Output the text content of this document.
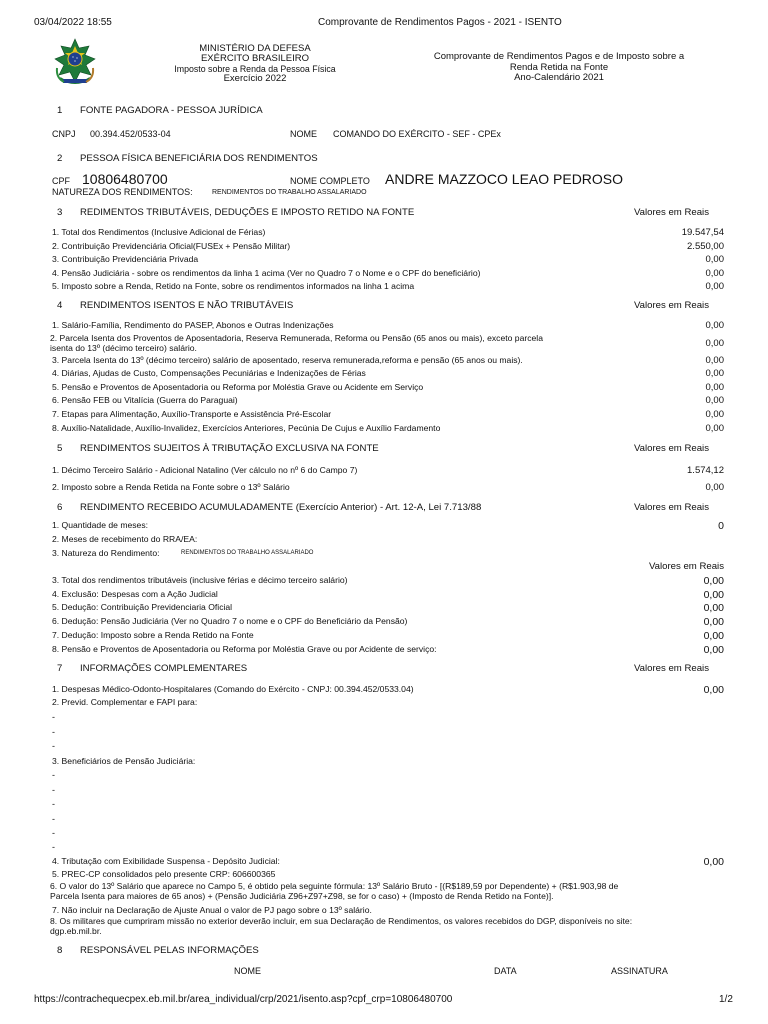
03/04/2022 18:55	Comprovante de Rendimentos Pagos - 2021 - ISENTO
MINISTÉRIO DA DEFESA
EXÉRCITO BRASILEIRO
Imposto sobre a Renda da Pessoa Física
Exercício 2022
Comprovante de Rendimentos Pagos e de Imposto sobre a
Renda Retida na Fonte
Ano-Calendário 2021
1 FONTE PAGADORA - PESSOA JURÍDICA
CNPJ 00.394.452/0533-04	NOME COMANDO DO EXÉRCITO - SEF - CPEx
2 PESSOA FÍSICA BENEFICIÁRIA DOS RENDIMENTOS
CPF 10806480700	NOME COMPLETO ANDRE MAZZOCO LEAO PEDROSO
NATUREZA DOS RENDIMENTOS:	RENDIMENTOS DO TRABALHO ASSALARIADO
3 REDIMENTOS TRIBUTÁVEIS, DEDUÇÕES E IMPOSTO RETIDO NA FONTE	Valores em Reais
1. Total dos Rendimentos (Inclusive Adicional de Férias)	19.547,54
2. Contribuição Previdenciária Oficial(FUSEx + Pensão Militar)	2.550,00
3. Contribuição Previdenciária Privada	0,00
4. Pensão Judiciária - sobre os rendimentos da linha 1 acima (Ver no Quadro 7 o Nome e o CPF do beneficiário)	0,00
5. Imposto sobre a Renda, Retido na Fonte, sobre os rendimentos informados na linha 1 acima	0,00
4 RENDIMENTOS ISENTOS E NÃO TRIBUTÁVEIS	Valores em Reais
1. Salário-Família, Rendimento do PASEP, Abonos e Outras Indenizações	0,00
2. Parcela Isenta dos Proventos de Aposentadoria, Reserva Remunerada, Reforma ou Pensão (65 anos ou mais), exceto parcela
isenta do 13º (décimo terceiro) salário.	0,00
3. Parcela Isenta do 13º (décimo terceiro) salário de aposentado, reserva remunerada,reforma e pensão (65 anos ou mais).	0,00
4. Diárias, Ajudas de Custo, Compensações Pecuniárias e Indenizações de Férias	0,00
5. Pensão e Proventos de Aposentadoria ou Reforma por Moléstia Grave ou Acidente em Serviço	0,00
6. Pensão FEB ou Vitalícia (Guerra do Paraguai)	0,00
7. Etapas para Alimentação, Auxílio-Transporte e Assistência Pré-Escolar	0,00
8. Auxílio-Natalidade, Auxílio-Invalidez, Exercícios Anteriores, Pecúnia De Cujus e Auxílio Fardamento	0,00
5 RENDIMENTOS SUJEITOS À TRIBUTAÇÃO EXCLUSIVA NA FONTE	Valores em Reais
1. Décimo Terceiro Salário - Adicional Natalino (Ver cálculo no nº 6 do Campo 7)	1.574,12
2. Imposto sobre a Renda Retida na Fonte sobre o 13º Salário	0,00
6 RENDIMENTO RECEBIDO ACUMULADAMENTE (Exercício Anterior) - Art. 12-A, Lei 7.713/88	Valores em Reais
1. Quantidade de meses:	0
2. Meses de recebimento do RRA/EA:
3. Natureza do Rendimento:	RENDIMENTOS DO TRABALHO ASSALARIADO
Valores em Reais
3. Total dos rendimentos tributáveis (inclusive férias e décimo terceiro salário)	0,00
4. Exclusão: Despesas com a Ação Judicial	0,00
5. Dedução: Contribuição Previdenciaria Oficial	0,00
6. Dedução: Pensão Judiciária (Ver no Quadro 7 o nome e o CPF do Beneficiário da Pensão)	0,00
7. Dedução: Imposto sobre a Renda Retido na Fonte	0,00
8. Pensão e Proventos de Aposentadoria ou Reforma por Moléstia Grave ou por Acidente de serviço:	0,00
7 INFORMAÇÕES COMPLEMENTARES	Valores em Reais
1. Despesas Médico-Odonto-Hospitalares (Comando do Exército - CNPJ: 00.394.452/0533.04)	0,00
2. Previd. Complementar e FAPI para:
-
-
-
3. Beneficiários de Pensão Judiciária:
-
-
-
-
-
-
4. Tributação com Exibilidade Suspensa - Depósito Judicial:	0,00
5. PREC-CP consolidados pelo presente CRP: 606600365
6. O valor do 13º Salário que aparece no Campo 5, é obtido pela seguinte fórmula: 13º Salário Bruto - [(R$189,59 por Dependente) + (R$1.903,98 de
Parcela Isenta para maiores de 65 anos) + (Pensão Judiciária Z96+Z97+Z98, se for o caso) + (Imposto de Renda Retido na Fonte)].
7. Não incluir na Declaração de Ajuste Anual o valor de PJ pago sobre o 13º salário.
8. Os militares que cumpriram missão no exterior deverão incluir, em sua Declaração de Rendimentos, os valores recebidos do DGP, disponíveis no site:
dgp.eb.mil.br.
8 RESPONSÁVEL PELAS INFORMAÇÕES
NOME	DATA	ASSINATURA
https://contrachequecpex.eb.mil.br/area_individual/crp/2021/isento.asp?cpf_crp=10806480700	1/2
